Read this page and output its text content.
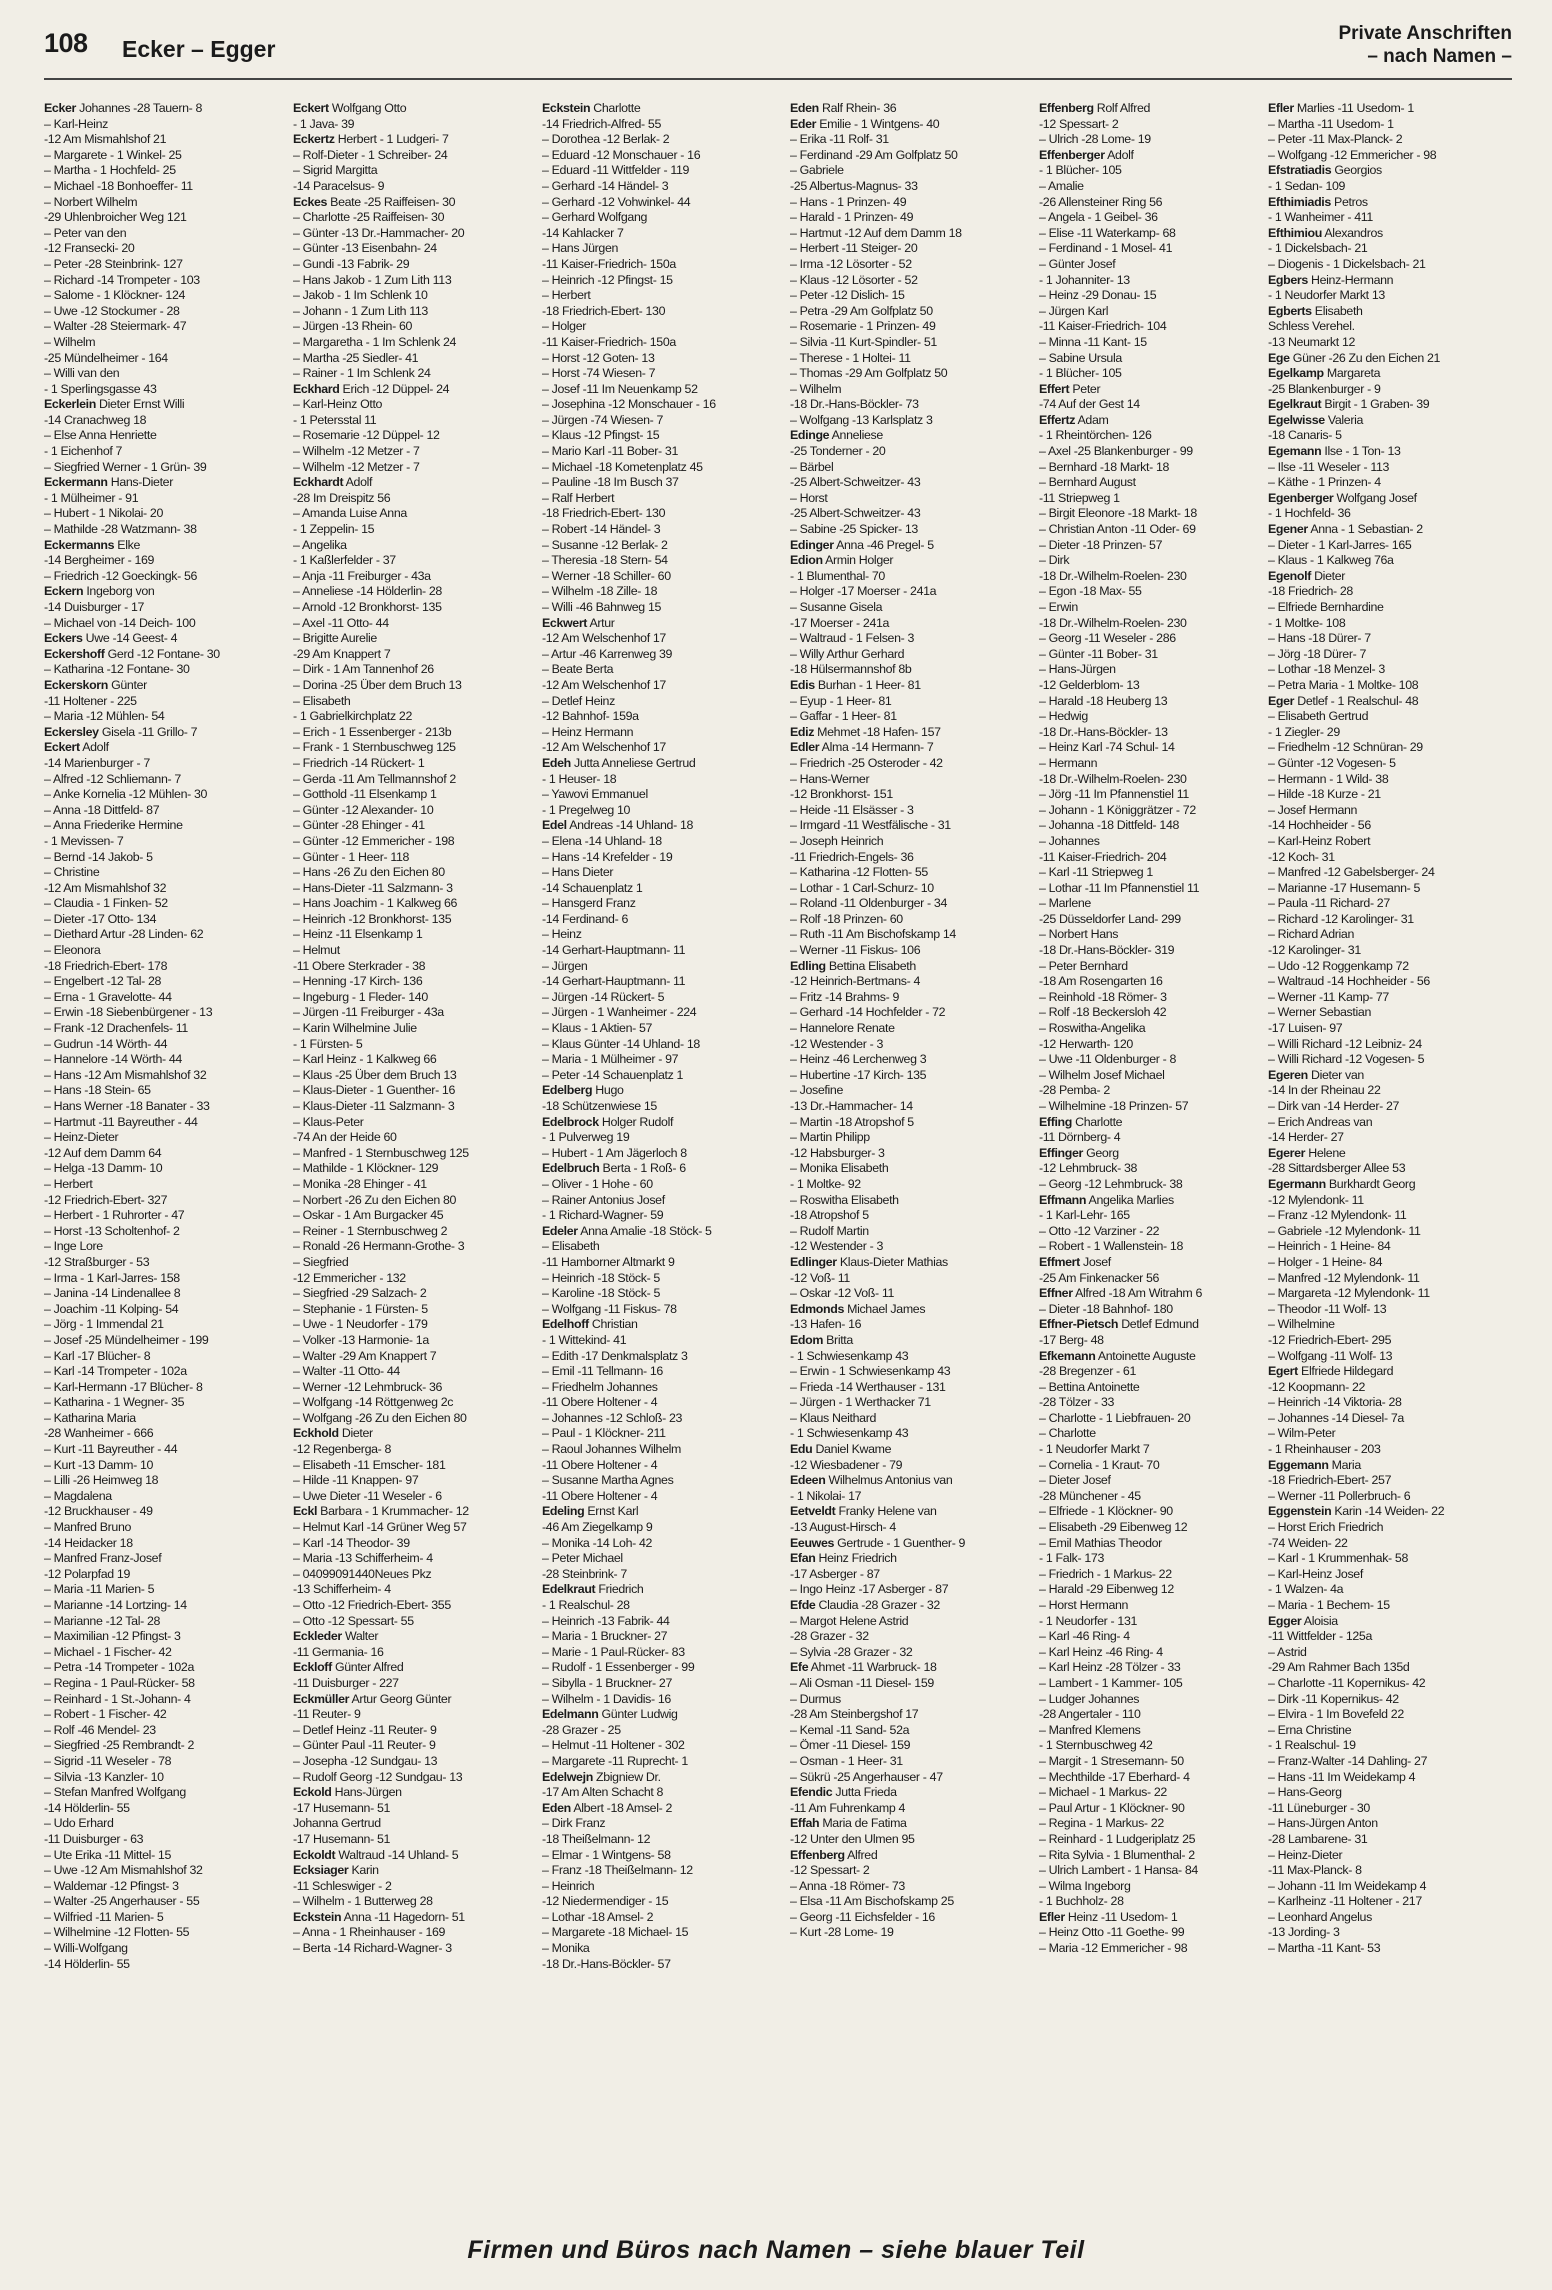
108 Ecker – Egger
Private Anschriften
– nach Namen –
Ecker Johannes -28 Tauern- 8
– Karl-Heinz
-12 Am Mismahlshof 21
– Margarete - 1 Winkel- 25
– Martha - 1 Hochfeld- 25
– Michael -18 Bonhoeffer- 11
– Norbert Wilhelm
-29 Uhlenbroicher Weg 121
– Peter van den
-12 Fransecki- 20
– Peter -28 Steinbrink- 127
– Richard -14 Trompeter - 103
– Salome - 1 Klöckner- 124
– Uwe -12 Stockumer - 28
– Walter -28 Steiermark- 47
– Wilhelm
-25 Mündelheimer - 164
– Willi van den
- 1 Sperlingsgasse 43
Eckerlein Dieter Ernst Willi
-14 Cranachweg 18
– Else Anna Henriette
- 1 Eichenhof 7
– Siegfried Werner - 1 Grün- 39
Eckermann Hans-Dieter
- 1 Mülheimer - 91
– Hubert - 1 Nikolai- 20
– Mathilde -28 Watzmann- 38
Eckermanns Elke
-14 Bergheimer - 169
– Friedrich -12 Goeckingk- 56
Eckern Ingeborg von
-14 Duisburger - 17
– Michael von -14 Deich- 100
Eckers Uwe -14 Geest- 4
Eckershoff Gerd -12 Fontane- 30
– Katharina -12 Fontane- 30
Eckerskorn Günter
-11 Holtener - 225
– Maria -12 Mühlen- 54
Eckersley Gisela -11 Grillo- 7
Eckert Adolf
-14 Marienburger - 7
– Alfred -12 Schliemann- 7
– Anke Kornelia -12 Mühlen- 30
– Anna -18 Dittfeld- 87
– Anna Friederike Hermine
- 1 Mevissen- 7
– Bernd -14 Jakob- 5
– Christine
-12 Am Mismahlshof 32
– Claudia - 1 Finken- 52
– Dieter -17 Otto- 134
– Diethard Artur -28 Linden- 62
– Eleonora
-18 Friedrich-Ebert- 178
– Engelbert -12 Tal- 28
– Erna - 1 Gravelotte- 44
– Erwin -18 Siebenbürgener - 13
– Frank -12 Drachenfels- 11
– Gudrun -14 Wörth- 44
– Hannelore -14 Wörth- 44
– Hans -12 Am Mismahlshof 32
– Hans -18 Stein- 65
– Hans Werner -18 Banater - 33
– Hartmut -11 Bayreuther - 44
– Heinz-Dieter
-12 Auf dem Damm 64
– Helga -13 Damm- 10
– Herbert
-12 Friedrich-Ebert- 327
– Herbert - 1 Ruhrorter - 47
– Horst -13 Scholtenhof- 2
– Inge Lore
-12 Straßburger - 53
– Irma - 1 Karl-Jarres- 158
– Janina -14 Lindenallee 8
– Joachim -11 Kolping- 54
– Jörg - 1 Immendal 21
– Josef -25 Mündelheimer - 199
– Karl -17 Blücher- 8
– Karl -14 Trompeter - 102a
– Karl-Hermann -17 Blücher- 8
– Katharina - 1 Wegner- 35
– Katharina Maria
-28 Wanheimer - 666
– Kurt -11 Bayreuther - 44
– Kurt -13 Damm- 10
– Lilli -26 Heimweg 18
– Magdalena
-12 Bruckhauser - 49
– Manfred Bruno
-14 Heidacker 18
– Manfred Franz-Josef
-12 Polarpfad 19
– Maria -11 Marien- 5
– Marianne -14 Lortzing- 14
– Marianne -12 Tal- 28
– Maximilian -12 Pfingst- 3
– Michael - 1 Fischer- 42
– Petra -14 Trompeter - 102a
– Regina - 1 Paul-Rücker- 58
– Reinhard - 1 St.-Johann- 4
– Robert - 1 Fischer- 42
– Rolf -46 Mendel- 23
– Siegfried -25 Rembrandt- 2
– Sigrid -11 Weseler - 78
– Silvia -13 Kanzler- 10
– Stefan Manfred Wolfgang
-14 Hölderlin- 55
– Udo Erhard
-11 Duisburger - 63
– Ute Erika -11 Mittel- 15
– Uwe -12 Am Mismahlshof 32
– Waldemar -12 Pfingst- 3
– Walter -25 Angerhauser - 55
– Wilfried -11 Marien- 5
– Wilhelmine -12 Flotten- 55
– Willi-Wolfgang
-14 Hölderlin- 55
Eckert Wolfgang Otto
- 1 Java- 39
Eckertz Herbert - 1 Ludgeri- 7
– Rolf-Dieter - 1 Schreiber- 24
– Sigrid Margitta
-14 Paracelsus- 9
Eckes Beate -25 Raiffeisen- 30
– Charlotte -25 Raiffeisen- 30
– Günter -13 Dr.-Hammacher- 20
– Günter -13 Eisenbahn- 24
– Gundi -13 Fabrik- 29
– Hans Jakob - 1 Zum Lith 113
– Jakob - 1 Im Schlenk 10
– Johann - 1 Zum Lith 113
– Jürgen -13 Rhein- 60
– Margaretha - 1 Im Schlenk 24
– Martha -25 Siedler- 41
– Rainer - 1 Im Schlenk 24
Eckhard Erich -12 Düppel- 24
– Karl-Heinz Otto
- 1 Petersstal 11
– Rosemarie -12 Düppel- 12
– Wilhelm -12 Metzer - 7
– Wilhelm -12 Metzer - 7
Eckhardt Adolf
-28 Im Dreispitz 56
– Amanda Luise Anna
- 1 Zeppelin- 15
– Angelika
- 1 Kaßlerfelder - 37
– Anja -11 Freiburger - 43a
– Anneliese -14 Hölderlin- 28
– Arnold -12 Bronkhorst- 135
– Axel -11 Otto- 44
– Brigitte Aurelie
-29 Am Knappert 7
– Dirk - 1 Am Tannenhof 26
– Dorina -25 Über dem Bruch 13
– Elisabeth
- 1 Gabrielkirchplatz 22
– Erich - 1 Essenberger - 213b
– Frank - 1 Sternbuschweg 125
– Friedrich -14 Rückert- 1
– Gerda -11 Am Tellmannshof 2
– Gotthold -11 Elsenkamp 1
– Günter -12 Alexander- 10
– Günter -28 Ehinger - 41
– Günter -12 Emmericher - 198
– Günter - 1 Heer- 118
– Hans -26 Zu den Eichen 80
– Hans-Dieter -11 Salzmann- 3
– Hans Joachim - 1 Kalkweg 66
– Heinrich -12 Bronkhorst- 135
– Heinz -11 Elsenkamp 1
– Helmut
-11 Obere Sterkrader - 38
– Henning -17 Kirch- 136
– Ingeburg - 1 Fleder- 140
– Jürgen -11 Freiburger - 43a
– Karin Wilhelmine Julie
- 1 Fürsten- 5
– Karl Heinz - 1 Kalkweg 66
– Klaus -25 Über dem Bruch 13
– Klaus-Dieter - 1 Guenther- 16
– Klaus-Dieter -11 Salzmann- 3
– Klaus-Peter
-74 An der Heide 60
– Manfred - 1 Sternbuschweg 125
– Mathilde - 1 Klöckner- 129
– Monika -28 Ehinger - 41
– Norbert -26 Zu den Eichen 80
– Oskar - 1 Am Burgacker 45
– Reiner - 1 Sternbuschweg 2
– Ronald -26 Hermann-Grothe- 3
– Siegfried
-12 Emmericher - 132
– Siegfried -29 Salzach- 2
– Stephanie - 1 Fürsten- 5
– Uwe - 1 Neudorfer - 179
– Volker -13 Harmonie- 1a
– Walter -29 Am Knappert 7
– Walter -11 Otto- 44
– Werner -12 Lehmbruck- 36
– Wolfgang -14 Röttgenweg 2c
– Wolfgang -26 Zu den Eichen 80
Eckhold Dieter
-12 Regenberga- 8
– Elisabeth -11 Emscher- 181
– Hilde -11 Knappen- 97
– Uwe Dieter -11 Weseler - 6
Eckl Barbara - 1 Krummacher- 12
– Helmut Karl -14 Grüner Weg 57
– Karl -14 Theodor- 39
– Maria -13 Schifferheim- 4
– 04099091440Neues Pkz
-13 Schifferheim- 4
– Otto -12 Friedrich-Ebert- 355
– Otto -12 Spessart- 55
Eckleder Walter
-11 Germania- 16
Eckloff Günter Alfred
-11 Duisburger - 227
Eckmüller Artur Georg Günter
-11 Reuter- 9
– Detlef Heinz -11 Reuter- 9
– Günter Paul -11 Reuter- 9
– Josepha -12 Sundgau- 13
– Rudolf Georg -12 Sundgau- 13
Eckold Hans-Jürgen
-17 Husemann- 51
Johanna Gertrud
-17 Husemann- 51
Eckoldt Waltraud -14 Uhland- 5
Ecksiager Karin
-11 Schleswiger - 2
– Wilhelm - 1 Butterweg 28
Eckstein Anna -11 Hagedorn- 51
– Anna - 1 Rheinhauser - 169
– Berta -14 Richard-Wagner- 3
Eckstein Charlotte
-14 Friedrich-Alfred- 55
– Dorothea -12 Berlak- 2
– Eduard -12 Monschauer - 16
– Eduard -11 Wittfelder - 119
– Gerhard -14 Händel- 3
– Gerhard -12 Vohwinkel- 44
– Gerhard Wolfgang
-14 Kahlacker 7
– Hans Jürgen
-11 Kaiser-Friedrich- 150a
– Heinrich -12 Pfingst- 15
– Herbert
-18 Friedrich-Ebert- 130
– Holger
-11 Kaiser-Friedrich- 150a
– Horst -12 Goten- 13
– Horst -74 Wiesen- 7
– Josef -11 Im Neuenkamp 52
– Josephina -12 Monschauer - 16
– Jürgen -74 Wiesen- 7
– Klaus -12 Pfingst- 15
– Mario Karl -11 Bober- 31
– Michael -18 Kometenplatz 45
– Pauline -18 Im Busch 37
– Ralf Herbert
-18 Friedrich-Ebert- 130
– Robert -14 Händel- 3
– Susanne -12 Berlak- 2
– Theresia -18 Stern- 54
– Werner -18 Schiller- 60
– Wilhelm -18 Zille- 18
– Willi -46 Bahnweg 15
Eckwert Artur
-12 Am Welschenhof 17
– Artur -46 Karrenweg 39
– Beate Berta
-12 Am Welschenhof 17
– Detlef Heinz
-12 Bahnhof- 159a
– Heinz Hermann
-12 Am Welschenhof 17
Edeh Jutta Anneliese Gertrud
- 1 Heuser- 18
– Yawovi Emmanuel
- 1 Pregelweg 10
Edel Andreas -14 Uhland- 18
– Elena -14 Uhland- 18
– Hans -14 Krefelder - 19
– Hans Dieter
-14 Schauenplatz 1
– Hansgerd Franz
-14 Ferdinand- 6
– Heinz
-14 Gerhart-Hauptmann- 11
– Jürgen
-14 Gerhart-Hauptmann- 11
– Jürgen -14 Rückert- 5
– Jürgen - 1 Wanheimer - 224
– Klaus - 1 Aktien- 57
– Klaus Günter -14 Uhland- 18
– Maria - 1 Mülheimer - 97
– Peter -14 Schauenplatz 1
Edelberg Hugo
-18 Schützenwiese 15
Edelbrock Holger Rudolf
- 1 Pulverweg 19
– Hubert - 1 Am Jägerloch 8
Edelbruch Berta - 1 Roß- 6
– Oliver - 1 Hohe - 60
– Rainer Antonius Josef
- 1 Richard-Wagner- 59
Edeler Anna Amalie -18 Stöck- 5
– Elisabeth
-11 Hamborner Altmarkt 9
– Heinrich -18 Stöck- 5
– Karoline -18 Stöck- 5
– Wolfgang -11 Fiskus- 78
Edelhoff Christian
- 1 Wittekind- 41
– Edith -17 Denkmalsplatz 3
– Emil -11 Tellmann- 16
– Friedhelm Johannes
-11 Obere Holtener - 4
– Johannes -12 Schloß- 23
– Paul - 1 Klöckner- 211
– Raoul Johannes Wilhelm
-11 Obere Holtener - 4
– Susanne Martha Agnes
-11 Obere Holtener - 4
Edeling Ernst Karl
-46 Am Ziegelkamp 9
– Monika -14 Loh- 42
– Peter Michael
-28 Steinbrink- 7
Edelkraut Friedrich
- 1 Realschul- 28
– Heinrich -13 Fabrik- 44
– Maria - 1 Bruckner- 27
– Marie - 1 Paul-Rücker- 83
– Rudolf - 1 Essenberger - 99
– Sibylla - 1 Bruckner- 27
– Wilhelm - 1 Davidis- 16
Edelmann Günter Ludwig
-28 Grazer - 25
– Helmut -11 Holtener - 302
– Margarete -11 Ruprecht- 1
Edelwejn Zbigniew Dr.
-17 Am Alten Schacht 8
Eden Albert -18 Amsel- 2
– Dirk Franz
-18 Theißelmann- 12
– Elmar - 1 Wintgens- 58
– Franz -18 Theißelmann- 12
– Heinrich
-12 Niedermendiger - 15
– Lothar -18 Amsel- 2
– Margarete -18 Michael- 15
– Monika
-18 Dr.-Hans-Böckler- 57
Eden Ralf Rhein- 36
Eder Emilie - 1 Wintgens- 40
– Erika -11 Rolf- 31
– Ferdinand -29 Am Golfplatz 50
– Gabriele
-25 Albertus-Magnus- 33
– Hans - 1 Prinzen- 49
– Harald - 1 Prinzen- 49
– Hartmut -12 Auf dem Damm 18
– Herbert -11 Steiger- 20
– Irma -12 Lösorter - 52
– Klaus -12 Lösorter - 52
– Peter -12 Dislich- 15
– Petra -29 Am Golfplatz 50
– Rosemarie - 1 Prinzen- 49
– Silvia -11 Kurt-Spindler- 51
– Therese - 1 Holtei- 11
– Thomas -29 Am Golfplatz 50
– Wilhelm
-18 Dr.-Hans-Böckler- 73
– Wolfgang -13 Karlsplatz 3
Edinge Anneliese
-25 Tonderner - 20
– Bärbel
-25 Albert-Schweitzer- 43
– Horst
-25 Albert-Schweitzer- 43
– Sabine -25 Spicker- 13
Edinger Anna -46 Pregel- 5
Edion Armin Holger
- 1 Blumenthal- 70
– Holger -17 Moerser - 241a
– Susanne Gisela
-17 Moerser - 241a
– Waltraud - 1 Felsen- 3
– Willy Arthur Gerhard
-18 Hülsermannshof 8b
Edis Burhan - 1 Heer- 81
– Eyup - 1 Heer- 81
– Gaffar - 1 Heer- 81
Ediz Mehmet -18 Hafen- 157
Edler Alma -14 Hermann- 7
– Friedrich -25 Osteroder - 42
– Hans-Werner
-12 Bronkhorst- 151
– Heide -11 Elsässer - 3
– Irmgard -11 Westfälische - 31
– Joseph Heinrich
-11 Friedrich-Engels- 36
– Katharina -12 Flotten- 55
– Lothar - 1 Carl-Schurz- 10
– Roland -11 Oldenburger - 34
– Rolf -18 Prinzen- 60
– Ruth -11 Am Bischofskamp 14
– Werner -11 Fiskus- 106
Edling Bettina Elisabeth
-12 Heinrich-Bertmans- 4
– Fritz -14 Brahms- 9
– Gerhard -14 Hochfelder - 72
– Hannelore Renate
-12 Westender - 3
– Heinz -46 Lerchenweg 3
– Hubertine -17 Kirch- 135
– Josefine
-13 Dr.-Hammacher- 14
– Martin -18 Atropshof 5
– Martin Philipp
-12 Habsburger- 3
– Monika Elisabeth
- 1 Moltke- 92
– Roswitha Elisabeth
-18 Atropshof 5
– Rudolf Martin
-12 Westender - 3
Edlinger Klaus-Dieter Mathias
-12 Voß- 11
– Oskar -12 Voß- 11
Edmonds Michael James
-13 Hafen- 16
Edom Britta
- 1 Schwiesenkamp 43
– Erwin - 1 Schwiesenkamp 43
– Frieda -14 Werthauser - 131
– Jürgen - 1 Werthacker 71
– Klaus Neithard
- 1 Schwiesenkamp 43
Edu Daniel Kwame
-12 Wiesbadener - 79
Edeen Wilhelmus Antonius van
- 1 Nikolai- 17
Eetveldt Franky Helene van
-13 August-Hirsch- 4
Eeuwes Gertrude - 1 Guenther- 9
Efan Heinz Friedrich
-17 Asberger - 87
– Ingo Heinz -17 Asberger - 87
Efde Claudia -28 Grazer - 32
– Margot Helene Astrid
-28 Grazer - 32
– Sylvia -28 Grazer - 32
Efe Ahmet -11 Warbruck- 18
– Ali Osman -11 Diesel- 159
– Durmus
-28 Am Steinbergshof 17
– Kemal -11 Sand- 52a
– Ömer -11 Diesel- 159
– Osman - 1 Heer- 31
– Sükrü -25 Angerhauser - 47
Efendic Jutta Frieda
-11 Am Fuhrenkamp 4
Effah Maria de Fatima
-12 Unter den Ulmen 95
Effenberg Alfred
-12 Spessart- 2
– Anna -18 Römer- 73
– Elsa -11 Am Bischofskamp 25
– Georg -11 Eichsfelder - 16
– Kurt -28 Lome- 19
Effenberg Rolf Alfred
-12 Spessart- 2
– Ulrich -28 Lome- 19
Effenberger Adolf
- 1 Blücher- 105
– Amalie
-26 Allensteiner Ring 56
– Angela - 1 Geibel- 36
– Elise -11 Waterkamp- 68
– Ferdinand - 1 Mosel- 41
– Günter Josef
- 1 Johanniter- 13
– Heinz -29 Donau- 15
– Jürgen Karl
-11 Kaiser-Friedrich- 104
– Minna -11 Kant- 15
– Sabine Ursula
- 1 Blücher- 105
Effert Peter
-74 Auf der Gest 14
Effertz Adam
- 1 Rheintörchen- 126
– Axel -25 Blankenburger - 99
– Bernhard -18 Markt- 18
– Bernhard August
-11 Striepweg 1
– Birgit Eleonore -18 Markt- 18
– Christian Anton -11 Oder- 69
– Dieter -18 Prinzen- 57
– Dirk
-18 Dr.-Wilhelm-Roelen- 230
– Egon -18 Max- 55
– Erwin
-18 Dr.-Wilhelm-Roelen- 230
– Georg -11 Weseler - 286
– Günter -11 Bober- 31
– Hans-Jürgen
-12 Gelderblom- 13
– Harald -18 Heuberg 13
– Hedwig
-18 Dr.-Hans-Böckler- 13
– Heinz Karl -74 Schul- 14
– Hermann
-18 Dr.-Wilhelm-Roelen- 230
– Jörg -11 Im Pfannenstiel 11
– Johann - 1 Königgrätzer - 72
– Johanna -18 Dittfeld- 148
– Johannes
-11 Kaiser-Friedrich- 204
– Karl -11 Striepweg 1
– Lothar -11 Im Pfannenstiel 11
– Marlene
-25 Düsseldorfer Land- 299
– Norbert Hans
-18 Dr.-Hans-Böckler- 319
– Peter Bernhard
-18 Am Rosengarten 16
– Reinhold -18 Römer- 3
– Rolf -18 Beckersloh 42
– Roswitha-Angelika
-12 Herwarth- 120
– Uwe -11 Oldenburger - 8
– Wilhelm Josef Michael
-28 Pemba- 2
– Wilhelmine -18 Prinzen- 57
Effing Charlotte
-11 Dörnberg- 4
Effinger Georg
-12 Lehmbruck- 38
– Georg -12 Lehmbruck- 38
Effmann Angelika Marlies
- 1 Karl-Lehr- 165
– Otto -12 Varziner - 22
– Robert - 1 Wallenstein- 18
Effmert Josef
-25 Am Finkenacker 56
Effner Alfred -18 Am Witrahm 6
– Dieter -18 Bahnhof- 180
Effner-Pietsch Detlef Edmund
-17 Berg- 48
Efkemann Antoinette Auguste
-28 Bregenzer - 61
– Bettina Antoinette
-28 Tölzer - 33
– Charlotte - 1 Liebfrauen- 20
– Charlotte
- 1 Neudorfer Markt 7
– Cornelia - 1 Kraut- 70
– Dieter Josef
-28 Münchener - 45
– Elfriede - 1 Klöckner- 90
– Elisabeth -29 Eibenweg 12
– Emil Mathias Theodor
- 1 Falk- 173
– Friedrich - 1 Markus- 22
– Harald -29 Eibenweg 12
– Horst Hermann
- 1 Neudorfer - 131
– Karl -46 Ring- 4
– Karl Heinz -46 Ring- 4
– Karl Heinz -28 Tölzer - 33
– Lambert - 1 Kammer- 105
– Ludger Johannes
-28 Angertaler - 110
– Manfred Klemens
- 1 Sternbuschweg 42
– Margit - 1 Stresemann- 50
– Mechthilde -17 Eberhard- 4
– Michael - 1 Markus- 22
– Paul Artur - 1 Klöckner- 90
– Regina - 1 Markus- 22
– Reinhard - 1 Ludgeriplatz 25
– Rita Sylvia - 1 Blumenthal- 2
– Ulrich Lambert - 1 Hansa- 84
– Wilma Ingeborg
- 1 Buchholz- 28
Efler Heinz -11 Usedom- 1
– Heinz Otto -11 Goethe- 99
– Maria -12 Emmericher - 98
Efler Marlies -11 Usedom- 1
– Martha -11 Usedom- 1
– Peter -11 Max-Planck- 2
– Wolfgang -12 Emmericher - 98
Efstratiadis Georgios
- 1 Sedan- 109
Efthimiadis Petros
- 1 Wanheimer - 411
Efthimiou Alexandros
- 1 Dickelsbach- 21
– Diogenis - 1 Dickelsbach- 21
Egbers Heinz-Hermann
- 1 Neudorfer Markt 13
Egberts Elisabeth
Schless Verehel.
-13 Neumarkt 12
Ege Güner -26 Zu den Eichen 21
Egelkamp Margareta
-25 Blankenburger - 9
Egelkraut Birgit - 1 Graben- 39
Egelwisse Valeria
-18 Canaris- 5
Egemann Ilse - 1 Ton- 13
– Ilse -11 Weseler - 113
– Käthe - 1 Prinzen- 4
Egenberger Wolfgang Josef
- 1 Hochfeld- 36
Egener Anna - 1 Sebastian- 2
– Dieter - 1 Karl-Jarres- 165
– Klaus - 1 Kalkweg 76a
Egenolf Dieter
-18 Friedrich- 28
– Elfriede Bernhardine
- 1 Moltke- 108
– Hans -18 Dürer- 7
– Jörg -18 Dürer- 7
– Lothar -18 Menzel- 3
– Petra Maria - 1 Moltke- 108
Eger Detlef - 1 Realschul- 48
– Elisabeth Gertrud
- 1 Ziegler- 29
– Friedhelm -12 Schnüran- 29
– Günter -12 Vogesen- 5
– Hermann - 1 Wild- 38
– Hilde -18 Kurze - 21
– Josef Hermann
-14 Hochheider - 56
– Karl-Heinz Robert
-12 Koch- 31
– Manfred -12 Gabelsberger- 24
– Marianne -17 Husemann- 5
– Paula -11 Richard- 27
– Richard -12 Karolinger- 31
– Richard Adrian
-12 Karolinger- 31
– Udo -12 Roggenkamp 72
– Waltraud -14 Hochheider - 56
– Werner -11 Kamp- 77
– Werner Sebastian
-17 Luisen- 97
– Willi Richard -12 Leibniz- 24
– Willi Richard -12 Vogesen- 5
Egeren Dieter van
-14 In der Rheinau 22
– Dirk van -14 Herder- 27
– Erich Andreas van
-14 Herder- 27
Egerer Helene
-28 Sittardsberger Allee 53
Egermann Burkhardt Georg
-12 Mylendonk- 11
– Franz -12 Mylendonk- 11
– Gabriele -12 Mylendonk- 11
– Heinrich - 1 Heine- 84
– Holger - 1 Heine- 84
– Manfred -12 Mylendonk- 11
– Margareta -12 Mylendonk- 11
– Theodor -11 Wolf- 13
– Wilhelmine
-12 Friedrich-Ebert- 295
– Wolfgang -11 Wolf- 13
Egert Elfriede Hildegard
-12 Koopmann- 22
– Heinrich -14 Viktoria- 28
– Johannes -14 Diesel- 7a
– Wilm-Peter
- 1 Rheinhauser - 203
Eggemann Maria
-18 Friedrich-Ebert- 257
– Werner -11 Pollerbruch- 6
Eggenstein Karin -14 Weiden- 22
– Horst Erich Friedrich
-74 Weiden- 22
– Karl - 1 Krummenhak- 58
– Karl-Heinz Josef
- 1 Walzen- 4a
– Maria - 1 Bechem- 15
Egger Aloisia
-11 Wittfelder - 125a
– Astrid
-29 Am Rahmer Bach 135d
– Charlotte -11 Kopernikus- 42
– Dirk -11 Kopernikus- 42
– Elvira - 1 Im Bovefeld 22
– Erna Christine
- 1 Realschul- 19
– Franz-Walter -14 Dahling- 27
– Hans -11 Im Weidekamp 4
– Hans-Georg
-11 Lüneburger - 30
– Hans-Jürgen Anton
-28 Lambarene- 31
– Heinz-Dieter
-11 Max-Planck- 8
– Johann -11 Im Weidekamp 4
– Karlheinz -11 Holtener - 217
– Leonhard Angelus
-13 Jording- 3
– Martha -11 Kant- 53
Firmen und Büros nach Namen – siehe blauer Teil
